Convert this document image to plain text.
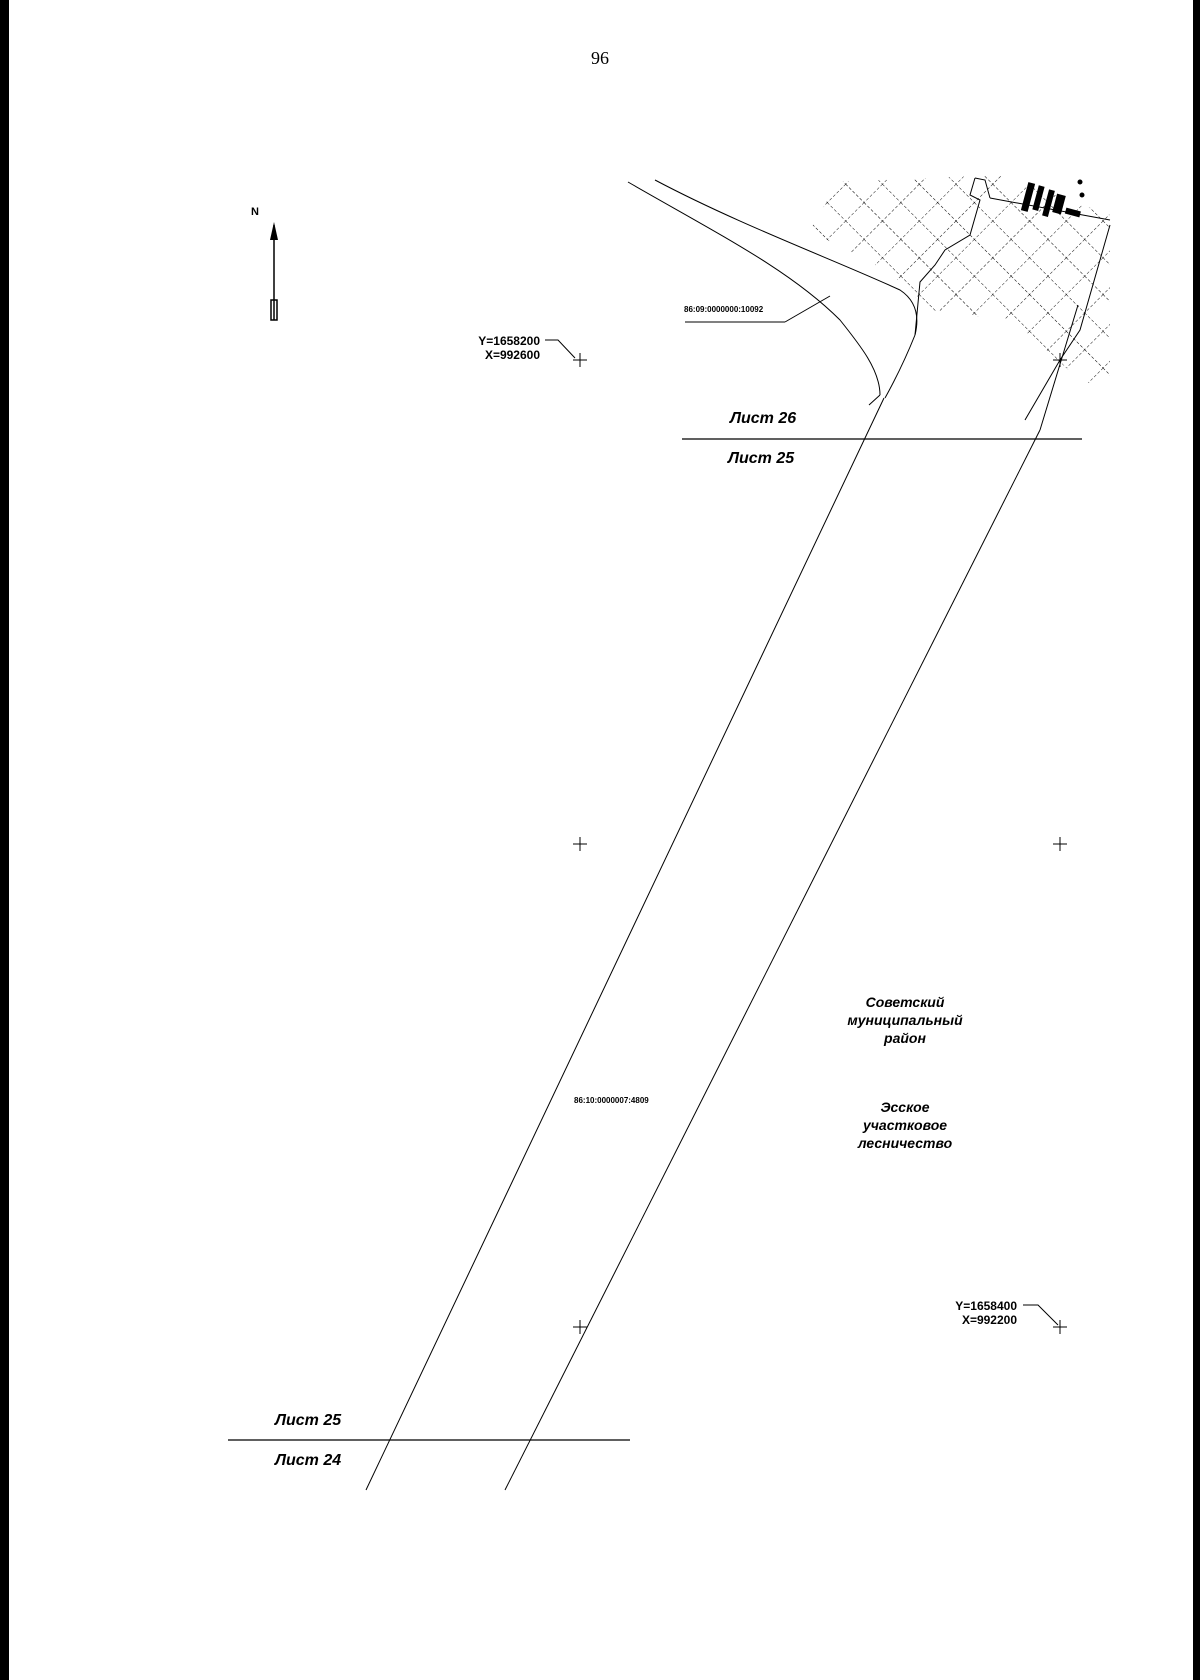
96
N
Лист 26
Лист 25
Лист 25
Лист 24
Y=1658200
X=992600
Y=1658400
X=992200
86:09:0000000:10092
86:10:0000007:4809
Советский
муниципальный
район
Эсское
участковое
лесничество
